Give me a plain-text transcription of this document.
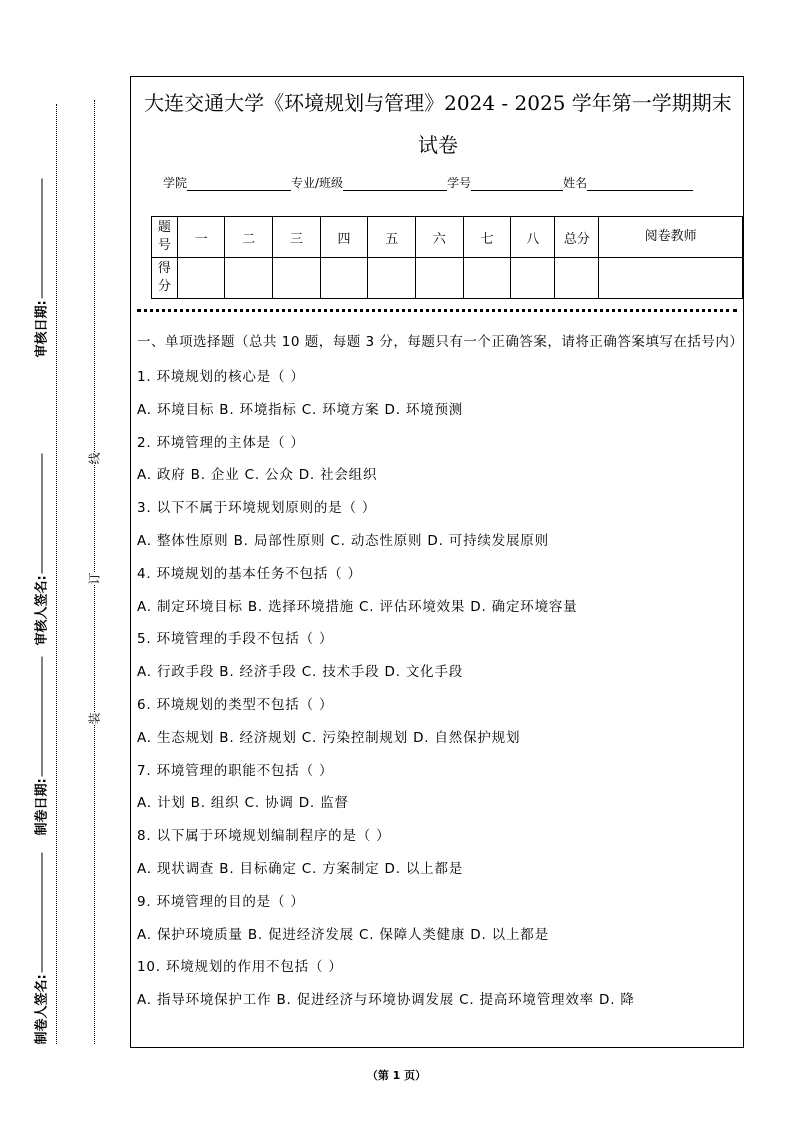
审核日期:
审核人签名:
制卷日期:
制卷人签名:
线
订
装
大连交通大学《环境规划与管理》2024 - 2025 学年第一学期期末
试卷
学院	专业/班级	学号	姓名
题号	一	二	三	四	五	六	七	八	总分	阅卷教师
得分										
一、单项选择题（总共 10 题，每题 3 分，每题只有一个正确答案，请将正确答案填写在括号内）
1. 环境规划的核心是（ ）
A. 环境目标 B. 环境指标 C. 环境方案 D. 环境预测
2. 环境管理的主体是（ ）
A. 政府 B. 企业 C. 公众 D. 社会组织
3. 以下不属于环境规划原则的是（ ）
A. 整体性原则 B. 局部性原则 C. 动态性原则 D. 可持续发展原则
4. 环境规划的基本任务不包括（ ）
A. 制定环境目标 B. 选择环境措施 C. 评估环境效果 D. 确定环境容量
5. 环境管理的手段不包括（ ）
A. 行政手段 B. 经济手段 C. 技术手段 D. 文化手段
6. 环境规划的类型不包括（ ）
A. 生态规划 B. 经济规划 C. 污染控制规划 D. 自然保护规划
7. 环境管理的职能不包括（ ）
A. 计划 B. 组织 C. 协调 D. 监督
8. 以下属于环境规划编制程序的是（ ）
A. 现状调查 B. 目标确定 C. 方案制定 D. 以上都是
9. 环境管理的目的是（ ）
A. 保护环境质量 B. 促进经济发展 C. 保障人类健康 D. 以上都是
10. 环境规划的作用不包括（ ）
A. 指导环境保护工作 B. 促进经济与环境协调发展 C. 提高环境管理效率 D. 降
（第 1 页）
